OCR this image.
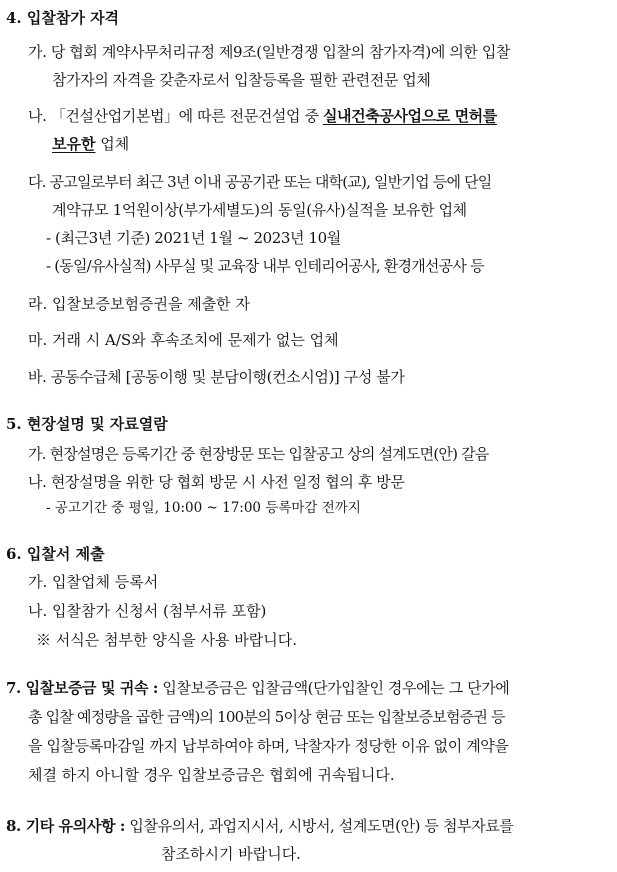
4. 입찰참가 자격
가. 당 협회 계약사무처리규정 제9조(일반경쟁 입찰의 참가자격)에 의한 입찰
참가자의 자격을 갖춘자로서 입찰등록을 필한 관련전문 업체
나. 「건설산업기본법」에 따른 전문건설업 중 실내건축공사업으로 면허를
보유한 업체
다. 공고일로부터 최근 3년 이내 공공기관 또는 대학(교), 일반기업 등에 단일
계약규모 1억원이상(부가세별도)의 동일(유사)실적을 보유한 업체
- (최근3년 기준) 2021년 1월 ~ 2023년 10월
- (동일/유사실적) 사무실 및 교육장 내부 인테리어공사, 환경개선공사 등
라. 입찰보증보험증권을 제출한 자
마. 거래 시 A/S와 후속조치에 문제가 없는 업체
바. 공동수급체 [공동이행 및 분담이행(컨소시엄)] 구성 불가
5. 현장설명 및 자료열람
가. 현장설명은 등록기간 중 현장방문 또는 입찰공고 상의 설계도면(안) 갈음
나. 현장설명을 위한 당 협회 방문 시 사전 일정 협의 후 방문
- 공고기간 중 평일, 10:00 ~ 17:00 등록마감 전까지
6. 입찰서 제출
가. 입찰업체 등록서
나. 입찰참가 신청서 (첨부서류 포함)
※ 서식은 첨부한 양식을 사용 바랍니다.
7. 입찰보증금 및 귀속 : 입찰보증금은 입찰금액(단가입찰인 경우에는 그 단가에
총 입찰 예정량을 곱한 금액)의 100분의 5이상 현금 또는 입찰보증보험증권 등
을 입찰등록마감일 까지 납부하여야 하며, 낙찰자가 정당한 이유 없이 계약을
체결 하지 아니할 경우 입찰보증금은 협회에 귀속됩니다.
8. 기타 유의사항 : 입찰유의서, 과업지시서, 시방서, 설계도면(안) 등 첨부자료를
참조하시기 바랍니다.
